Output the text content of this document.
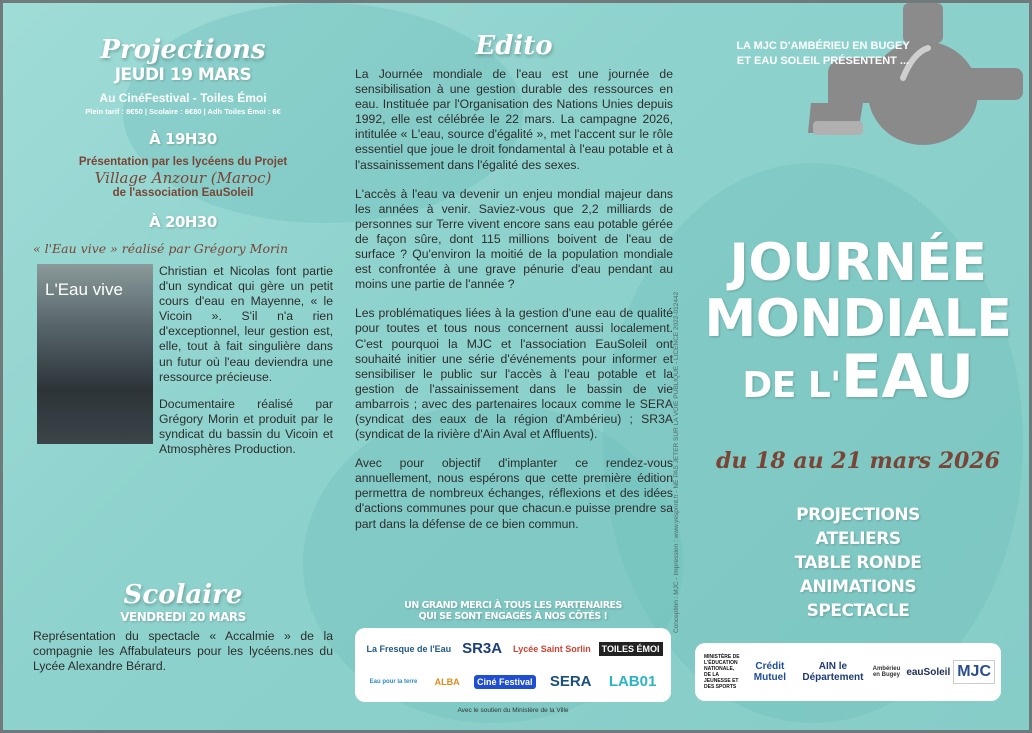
Projections
JEUDI 19 MARS
Au CinéFestival - Toiles Émoi
Plein tarif : 8€50 | Scolaire : 6€80 | Adh Toiles Émoi : 6€
À 19H30
Présentation par les lycéens du Projet
Village Anzour (Maroc)
de l'association EauSoleil
À 20H30
« l'Eau vive » réalisé par Grégory Morin
L'Eau vive
Christian et Nicolas font partie d'un syndicat qui gère un petit cours d'eau en Mayenne, « le Vicoin ». S'il n'a rien d'exceptionnel, leur gestion est, elle, tout à fait singulière dans un futur où l'eau deviendra une ressource précieuse.
Documentaire réalisé par Grégory Morin et produit par le syndicat du bassin du Vicoin et Atmosphères Production.
Scolaire
VENDREDI 20 MARS
Représentation du spectacle « Accalmie » de la compagnie les Affabulateurs pour les lycéens.nes du Lycée Alexandre Bérard.
Edito
La Journée mondiale de l'eau est une journée de sensibilisation à une gestion durable des ressources en eau. Instituée par l'Organisation des Nations Unies depuis 1992, elle est célébrée le 22 mars. La campagne 2026, intitulée « L'eau, source d'égalité », met l'accent sur le rôle essentiel que joue le droit fondamental à l'eau potable et à l'assainissement dans l'égalité des sexes.
L'accès à l'eau va devenir un enjeu mondial majeur dans les années à venir. Saviez-vous que 2,2 milliards de personnes sur Terre vivent encore sans eau potable gérée de façon sûre, dont 115 millions boivent de l'eau de surface ? Qu'environ la moitié de la population mondiale est confrontée à une grave pénurie d'eau pendant au moins une partie de l'année ?
Les problématiques liées à la gestion d'une eau de qualité pour toutes et tous nous concernent aussi localement. C'est pourquoi la MJC et l'association EauSoleil ont souhaité initier une série d'événements pour informer et sensibiliser le public sur l'accès à l'eau potable et la gestion de l'assainissement dans le bassin de vie ambarrois ; avec des partenaires locaux comme le SERA (syndicat des eaux de la région d'Ambérieu) ; SR3A (syndicat de la rivière d'Ain Aval et Affluents).
Avec pour objectif d'implanter ce rendez-vous annuellement, nous espérons que cette première édition permettra de nombreux échanges, réflexions et des idées d'actions communes pour que chacun.e puisse prendre sa part dans la défense de ce bien commun.
UN GRAND MERCI À TOUS LES PARTENAIRES
QUI SE SONT ENGAGÉS À NOS CÔTÉS !
La Fresque de l'Eau SR3A	Lycée Saint Sorlin	TOILES ÉMOI
Eau pour la terre	ALBA	Ciné Festival SERA LAB01
Avec le soutien du Ministère de la Ville
Conception : MJC - Impression : www.yesprint.fr - NE PAS JETER SUR LA VOIE PUBLIQUE - LICENCE 2022-012442
LA MJC D'AMBÉRIEU EN BUGEY
ET EAU SOLEIL PRÉSENTENT ...
JOURNÉE
MONDIALE
DE L'EAU
du 18 au 21 mars 2026
PROJECTIONS
ATELIERS
TABLE RONDE
ANIMATIONS
SPECTACLE
MINISTÈRE DE L'ÉDUCATION NATIONALE, DE LA JEUNESSE ET DES SPORTS
Crédit Mutuel
AIN le Département
Ambérieu en Bugey eauSoleil MJC
